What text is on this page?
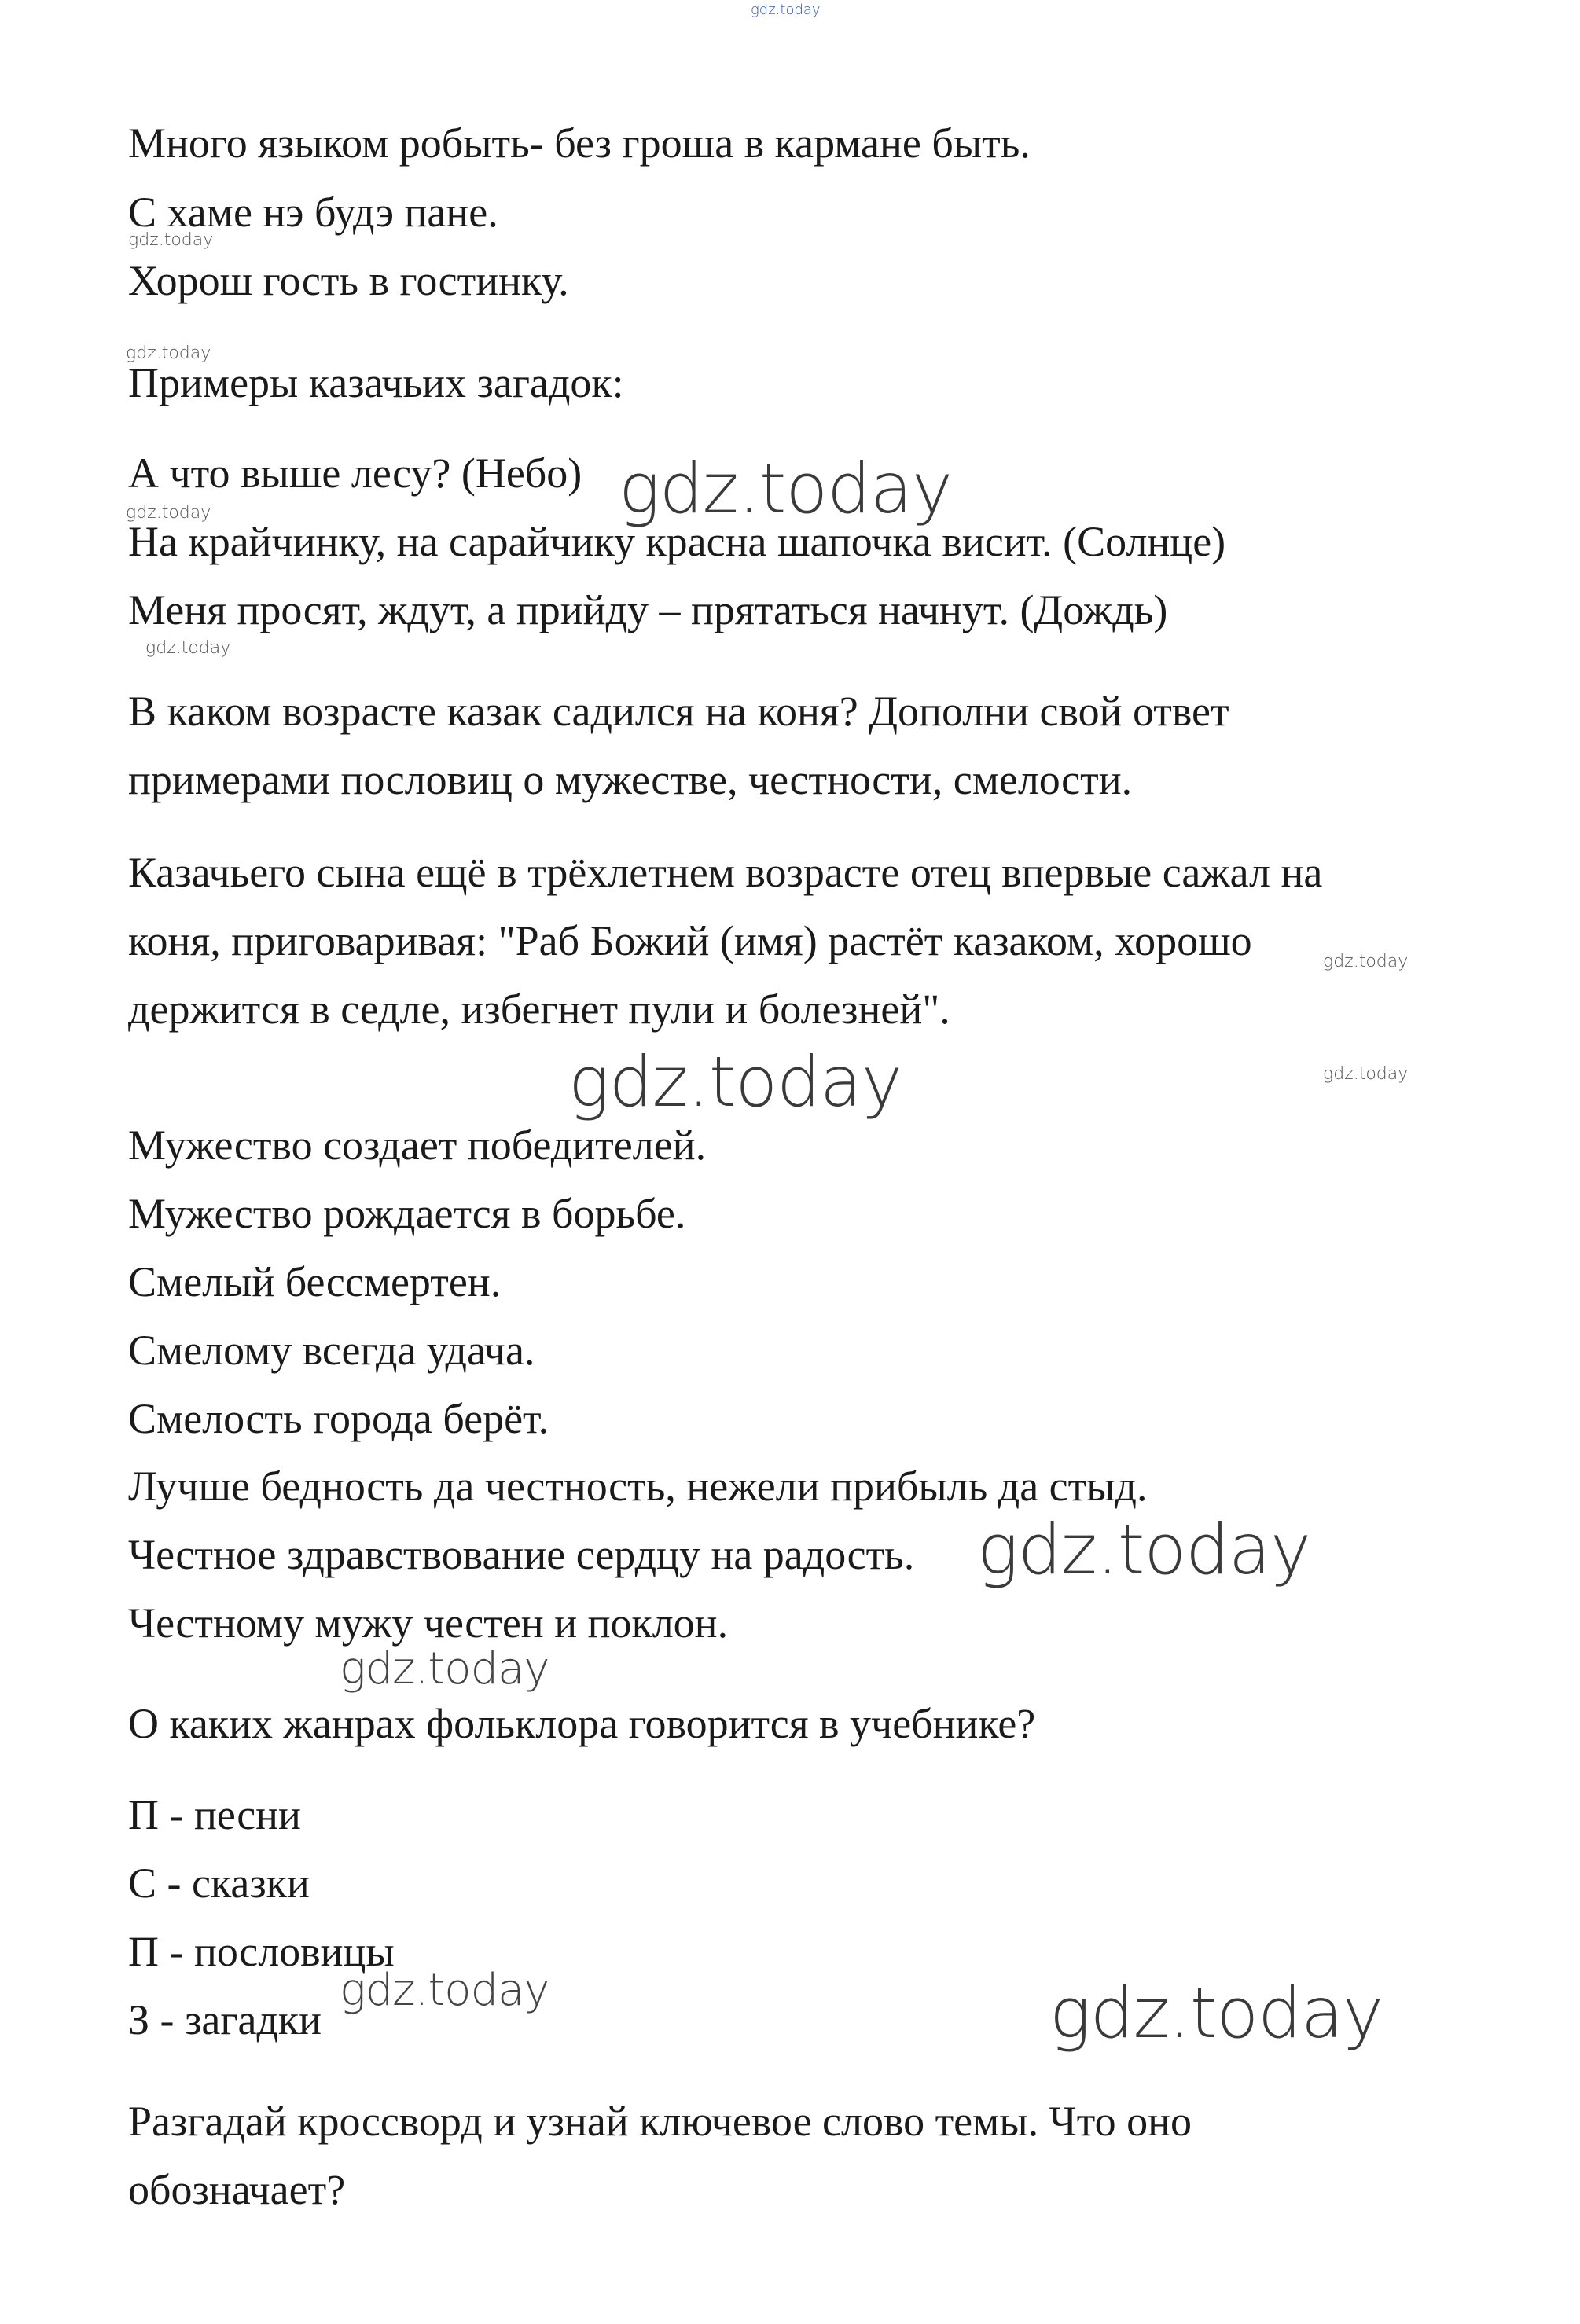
gdz.today
Много языком робыть- без гроша в кармане быть.
С хаме нэ будэ пане.
Хорош гость в гостинку.
Примеры казачьих загадок:
А что выше лесу? (Небо)
На крайчинку, на сарайчику красна шапочка висит. (Солнце)
Меня просят, ждут, а прийду – прятаться начнут. (Дождь)
В каком возрасте казак садился на коня? Дополни свой ответ
примерами пословиц о мужестве, честности, смелости.
Казачьего сына ещё в трёхлетнем возрасте отец впервые сажал на
коня, приговаривая: "Раб Божий (имя) растёт казаком, хорошо
держится в седле, избегнет пули и болезней".
Мужество создает победителей.
Мужество рождается в борьбе.
Смелый бессмертен.
Смелому всегда удача.
Смелость города берёт.
Лучше бедность да честность, нежели прибыль да стыд.
Честное здравствование сердцу на радость.
Честному мужу честен и поклон.
О каких жанрах фольклора говорится в учебнике?
П - песни
С - сказки
П - пословицы
З - загадки
Разгадай кроссворд и узнай ключевое слово темы. Что оно
обозначает?
gdz.today
gdz.today
gdz.today
gdz.today
gdz.today
gdz.today
gdz.today
gdz.today
gdz.today
gdz.today
gdz.today
gdz.today
